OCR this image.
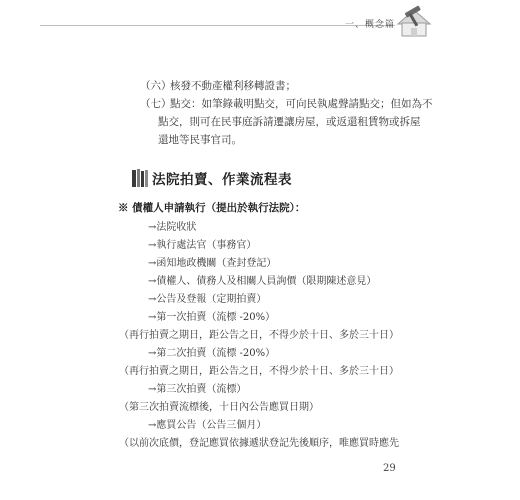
一、概念篇
（六）核發不動產權利移轉證書；
（七）點交：如筆錄載明點交，可向民執處聲請點交；但如為不
點交，則可在民事庭訴請遷讓房屋，或返還租賃物或拆屋
還地等民事官司。
法院拍賣、作業流程表
※ 債權人申請執行（提出於執行法院）：
→法院收狀
→執行處法官（事務官）
→函知地政機關（查封登記）
→債權人、債務人及相關人員詢價（限期陳述意見）
→公告及登報（定期拍賣）
→第一次拍賣（流標 -20%）
（再行拍賣之期日，距公告之日，不得少於十日、多於三十日）
→第二次拍賣（流標 -20%）
（再行拍賣之期日，距公告之日，不得少於十日、多於三十日）
→第三次拍賣（流標）
（第三次拍賣流標後，十日內公告應買日期）
→應買公告（公告三個月）
（以前次底價，登記應買依據遞狀登記先後順序，唯應買時應先
29
